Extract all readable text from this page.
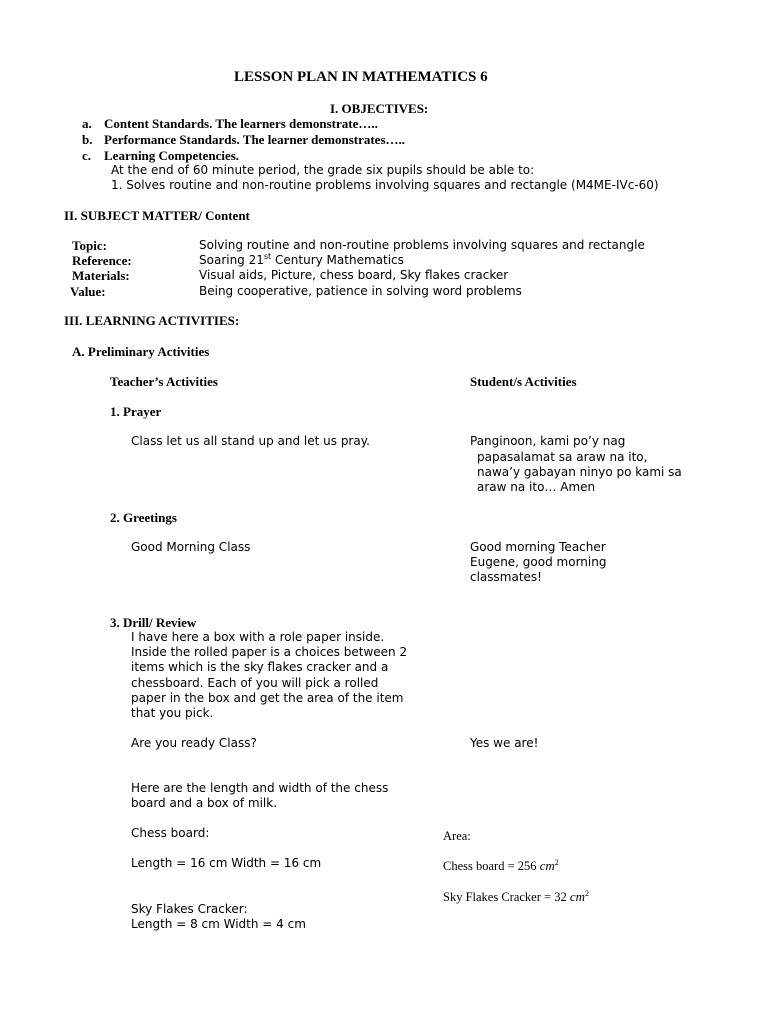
LESSON PLAN IN MATHEMATICS 6
I. OBJECTIVES:
a. Content Standards. The learners demonstrate…..
b. Performance Standards. The learner demonstrates…..
c. Learning Competencies.
At the end of 60 minute period, the grade six pupils should be able to:
1. Solves routine and non-routine problems involving squares and rectangle (M4ME-IVc-60)
II. SUBJECT MATTER/ Content
Topic:	Solving routine and non-routine problems involving squares and rectangle
Reference:	Soaring 21st Century Mathematics
Materials:	Visual aids, Picture, chess board, Sky flakes cracker
Value:	Being cooperative, patience in solving word problems
III. LEARNING ACTIVITIES:
A. Preliminary Activities
Teacher’s Activities	Student/s Activities
1. Prayer
Class let us all stand up and let us pray.	Panginoon, kami po’y nag
papasalamat sa araw na ito,
nawa’y gabayan ninyo po kami sa
araw na ito… Amen
2. Greetings
Good Morning Class	Good morning Teacher
Eugene, good morning
classmates!
3. Drill/ Review
I have here a box with a role paper inside.
Inside the rolled paper is a choices between 2
items which is the sky flakes cracker and a
chessboard. Each of you will pick a rolled
paper in the box and get the area of the item
that you pick.
Are you ready Class?	Yes we are!
Here are the length and width of the chess
board and a box of milk.
Chess board:
Length = 16 cm Width = 16 cm
Sky Flakes Cracker:
Length = 8 cm Width = 4 cm
Area:
Chess board = 256 $cm^2$
Sky Flakes Cracker = 32 $cm^2$
